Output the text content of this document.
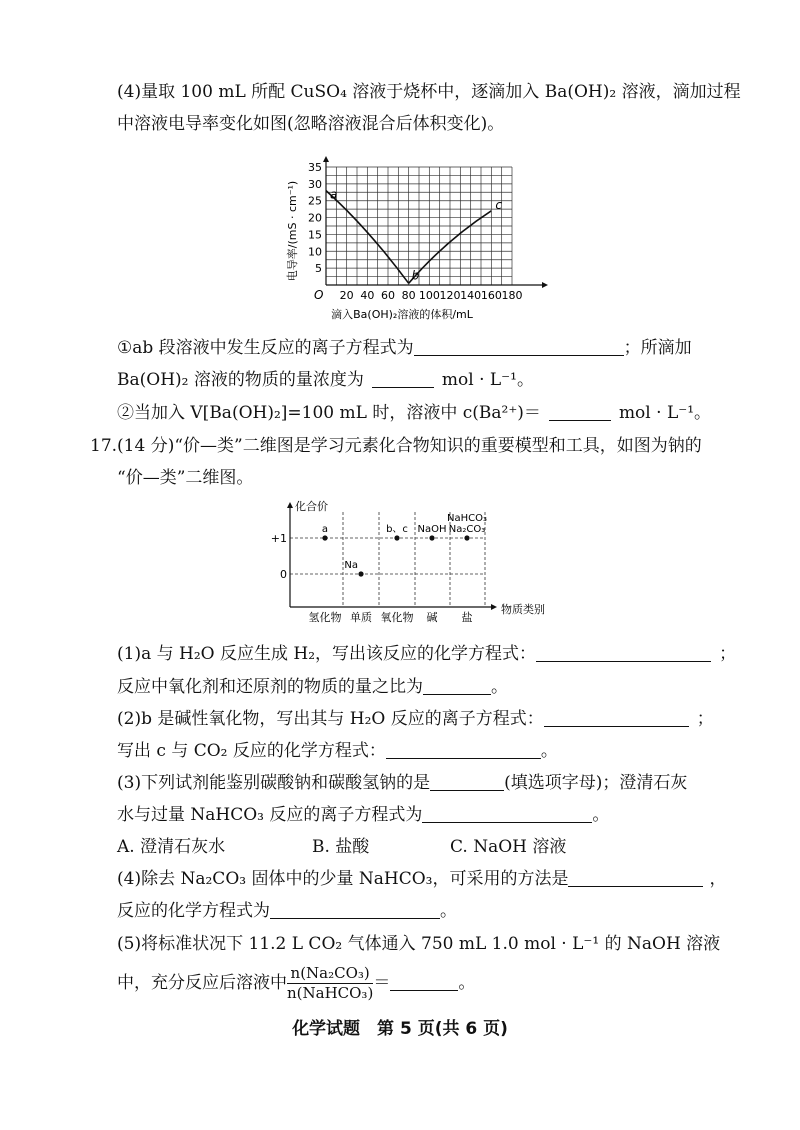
(4)量取 100 mL 所配 CuSO₄ 溶液于烧杯中，逐滴加入 Ba(OH)₂ 溶液，滴加过程
中溶液电导率变化如图(忽略溶液混合后体积变化)。
5
10
15
20
25
30
35
20 40 60 80 100 120 140 160 180
a
b
c
O
滴入Ba(OH)₂溶液的体积/mL
电导率/(mS · cm⁻¹)
①ab 段溶液中发生反应的离子方程式为	；所滴加
Ba(OH)₂ 溶液的物质的量浓度为	mol · L⁻¹。
②当加入 V[Ba(OH)₂]=100 mL 时，溶液中 c(Ba²⁺)＝	mol · L⁻¹。
17.(14 分)“价—类”二维图是学习元素化合物知识的重要模型和工具，如图为钠的
“价—类”二维图。
+1
0
氢化物 单质 氧化物 碱 盐
a
Na
b、c NaOH
NaHCO₃
Na₂CO₃
化合价
物质类别
(1)a 与 H₂O 反应生成 H₂，写出该反应的化学方程式：	；
反应中氧化剂和还原剂的物质的量之比为	。
(2)b 是碱性氧化物，写出其与 H₂O 反应的离子方程式：	；
写出 c 与 CO₂ 反应的化学方程式：	。
(3)下列试剂能鉴别碳酸钠和碳酸氢钠的是	(填选项字母)；澄清石灰
水与过量 NaHCO₃ 反应的离子方程式为	。
A. 澄清石灰水	B. 盐酸	C. NaOH 溶液
(4)除去 Na₂CO₃ 固体中的少量 NaHCO₃，可采用的方法是	，
反应的化学方程式为	。
(5)将标准状况下 11.2 L CO₂ 气体通入 750 mL 1.0 mol · L⁻¹ 的 NaOH 溶液
中，充分反应后溶液中 $\frac{\text{n(Na₂CO₃)}}{\text{n(NaHCO₃)}}$ ＝	。
化学试题　第 5 页(共 6 页)
